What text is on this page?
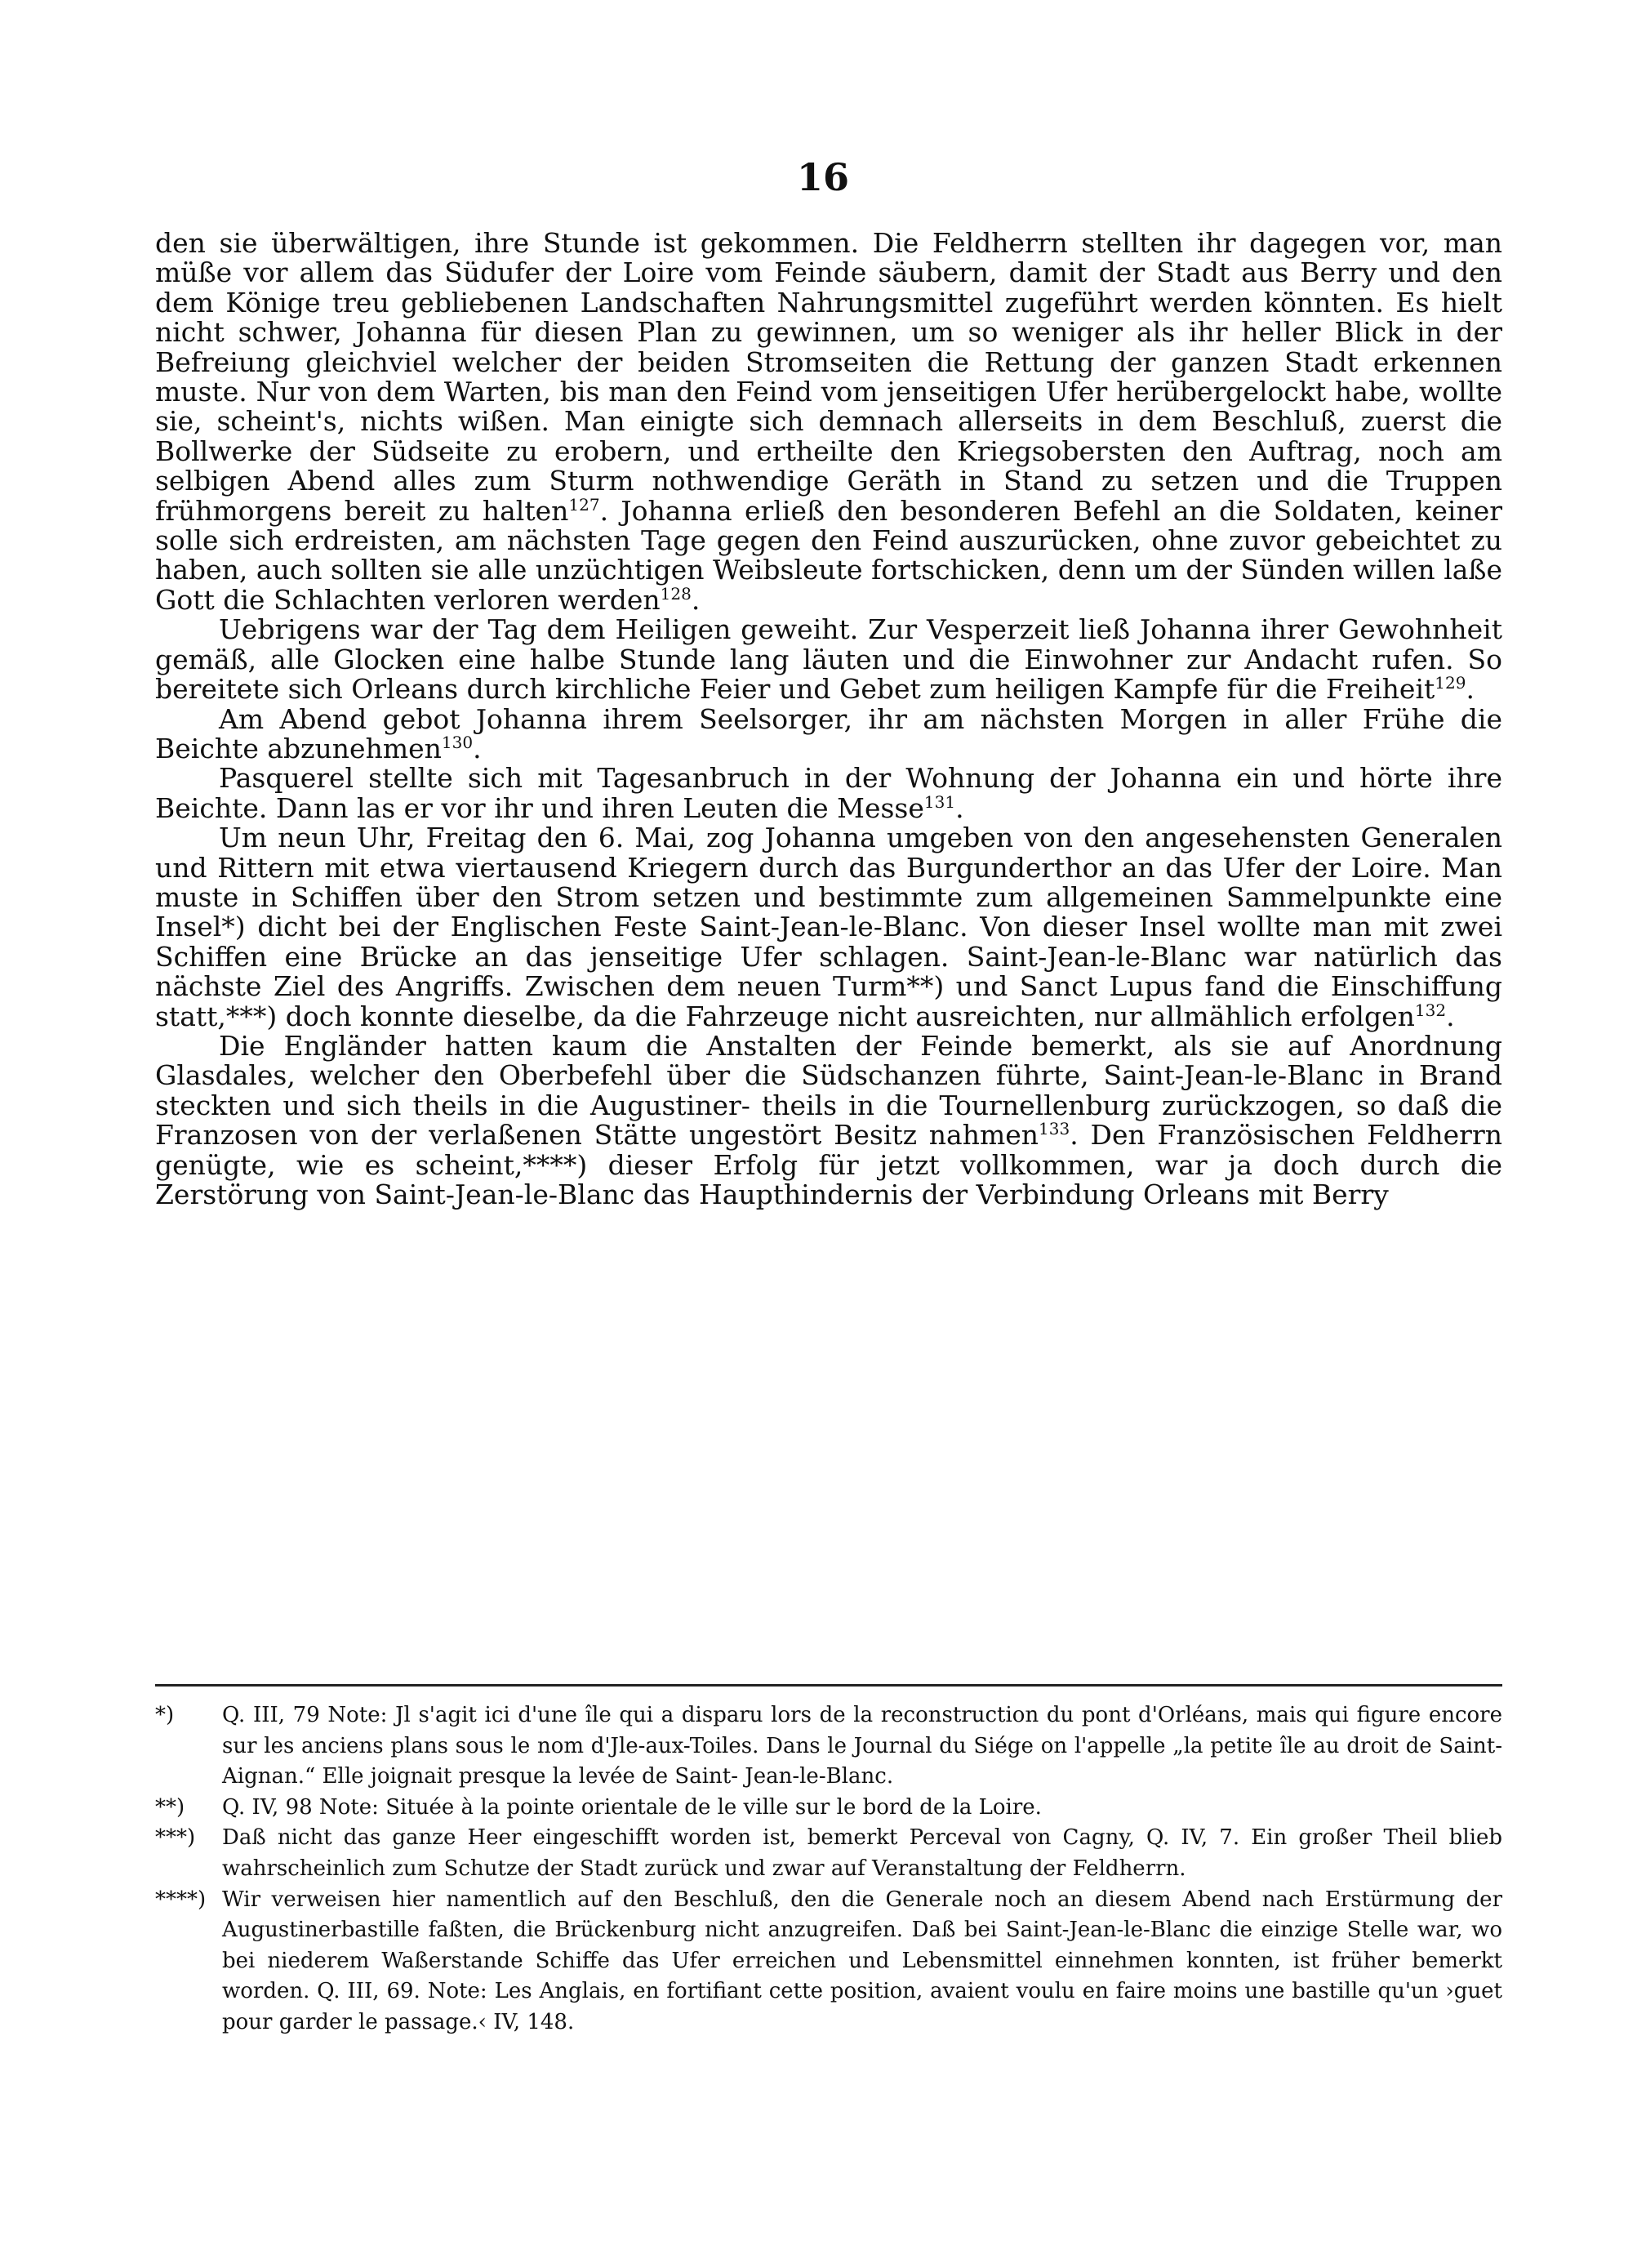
16

den sie überwältigen, ihre Stunde ist gekommen. Die Feldherrn stellten ihr dagegen vor, man müße vor allem das Südufer der Loire vom Feinde säubern, damit der Stadt aus Berry und den dem Könige treu gebliebenen Landschaften Nahrungsmittel zugeführt werden könnten. Es hielt nicht schwer, Johanna für diesen Plan zu gewinnen, um so weniger als ihr heller Blick in der Befreiung gleichviel welcher der beiden Stromseiten die Rettung der ganzen Stadt erkennen muste. Nur von dem Warten, bis man den Feind vom jenseitigen Ufer herübergelockt habe, wollte sie, scheint's, nichts wißen. Man einigte sich demnach allerseits in dem Beschluß, zuerst die Bollwerke der Südseite zu erobern, und ertheilte den Kriegsobersten den Auftrag, noch am selbigen Abend alles zum Sturm nothwendige Geräth in Stand zu setzen und die Truppen frühmorgens bereit zu halten$^{127}$. Johanna erließ den besonderen Befehl an die Soldaten, keiner solle sich erdreisten, am nächsten Tage gegen den Feind auszurücken, ohne zuvor gebeichtet zu haben, auch sollten sie alle unzüchtigen Weibsleute fortschicken, denn um der Sünden willen laße Gott die Schlachten verloren werden$^{128}$.

Uebrigens war der Tag dem Heiligen geweiht. Zur Vesperzeit ließ Johanna ihrer Gewohnheit gemäß, alle Glocken eine halbe Stunde lang läuten und die Einwohner zur Andacht rufen. So bereitete sich Orleans durch kirchliche Feier und Gebet zum heiligen Kampfe für die Freiheit$^{129}$.

Am Abend gebot Johanna ihrem Seelsorger, ihr am nächsten Morgen in aller Frühe die Beichte abzunehmen$^{130}$.

Pasquerel stellte sich mit Tagesanbruch in der Wohnung der Johanna ein und hörte ihre Beichte. Dann las er vor ihr und ihren Leuten die Messe$^{131}$.

Um neun Uhr, Freitag den 6. Mai, zog Johanna umgeben von den angesehensten Generalen und Rittern mit etwa viertausend Kriegern durch das Burgunderthor an das Ufer der Loire. Man muste in Schiffen über den Strom setzen und bestimmte zum allgemeinen Sammelpunkte eine Insel*) dicht bei der Englischen Feste Saint-Jean-le-Blanc. Von dieser Insel wollte man mit zwei Schiffen eine Brücke an das jenseitige Ufer schlagen. Saint-Jean-le-Blanc war natürlich das nächste Ziel des Angriffs. Zwischen dem neuen Turm**) und Sanct Lupus fand die Einschiffung statt,***) doch konnte dieselbe, da die Fahrzeuge nicht ausreichten, nur allmählich erfolgen$^{132}$.

Die Engländer hatten kaum die Anstalten der Feinde bemerkt, als sie auf Anordnung Glasdales, welcher den Oberbefehl über die Südschanzen führte, Saint-Jean-le-Blanc in Brand steckten und sich theils in die Augustiner- theils in die Tournellenburg zurückzogen, so daß die Franzosen von der verlaßenen Stätte ungestört Besitz nahmen$^{133}$. Den Französischen Feldherrn genügte, wie es scheint,****) dieser Erfolg für jetzt vollkommen, war ja doch durch die Zerstörung von Saint-Jean-le-Blanc das Haupthindernis der Verbindung Orleans mit Berry

*)	Q. III, 79 Note: Jl s'agit ici d'une île qui a disparu lors de la reconstruction du pont d'Orléans, mais qui figure encore sur les anciens plans sous le nom d'Jle-aux-Toiles. Dans le Journal du Siége on l'appelle „la petite île au droit de Saint-Aignan.“ Elle joignait presque la levée de Saint- Jean-le-Blanc.
**)	Q. IV, 98 Note: Située à la pointe orientale de le ville sur le bord de la Loire.
***)	Daß nicht das ganze Heer eingeschifft worden ist, bemerkt Perceval von Cagny, Q. IV, 7. Ein großer Theil blieb wahrscheinlich zum Schutze der Stadt zurück und zwar auf Veranstaltung der Feldherrn.
****) Wir verweisen hier namentlich auf den Beschluß, den die Generale noch an diesem Abend nach Erstürmung der Augustinerbastille faßten, die Brückenburg nicht anzugreifen. Daß bei Saint-Jean-le-Blanc die einzige Stelle war, wo bei niederem Waßerstande Schiffe das Ufer erreichen und Lebensmittel einnehmen konnten, ist früher bemerkt worden. Q. III, 69. Note: Les Anglais, en fortifiant cette position, avaient voulu en faire moins une bastille qu'un ›guet pour garder le passage.‹ IV, 148.
